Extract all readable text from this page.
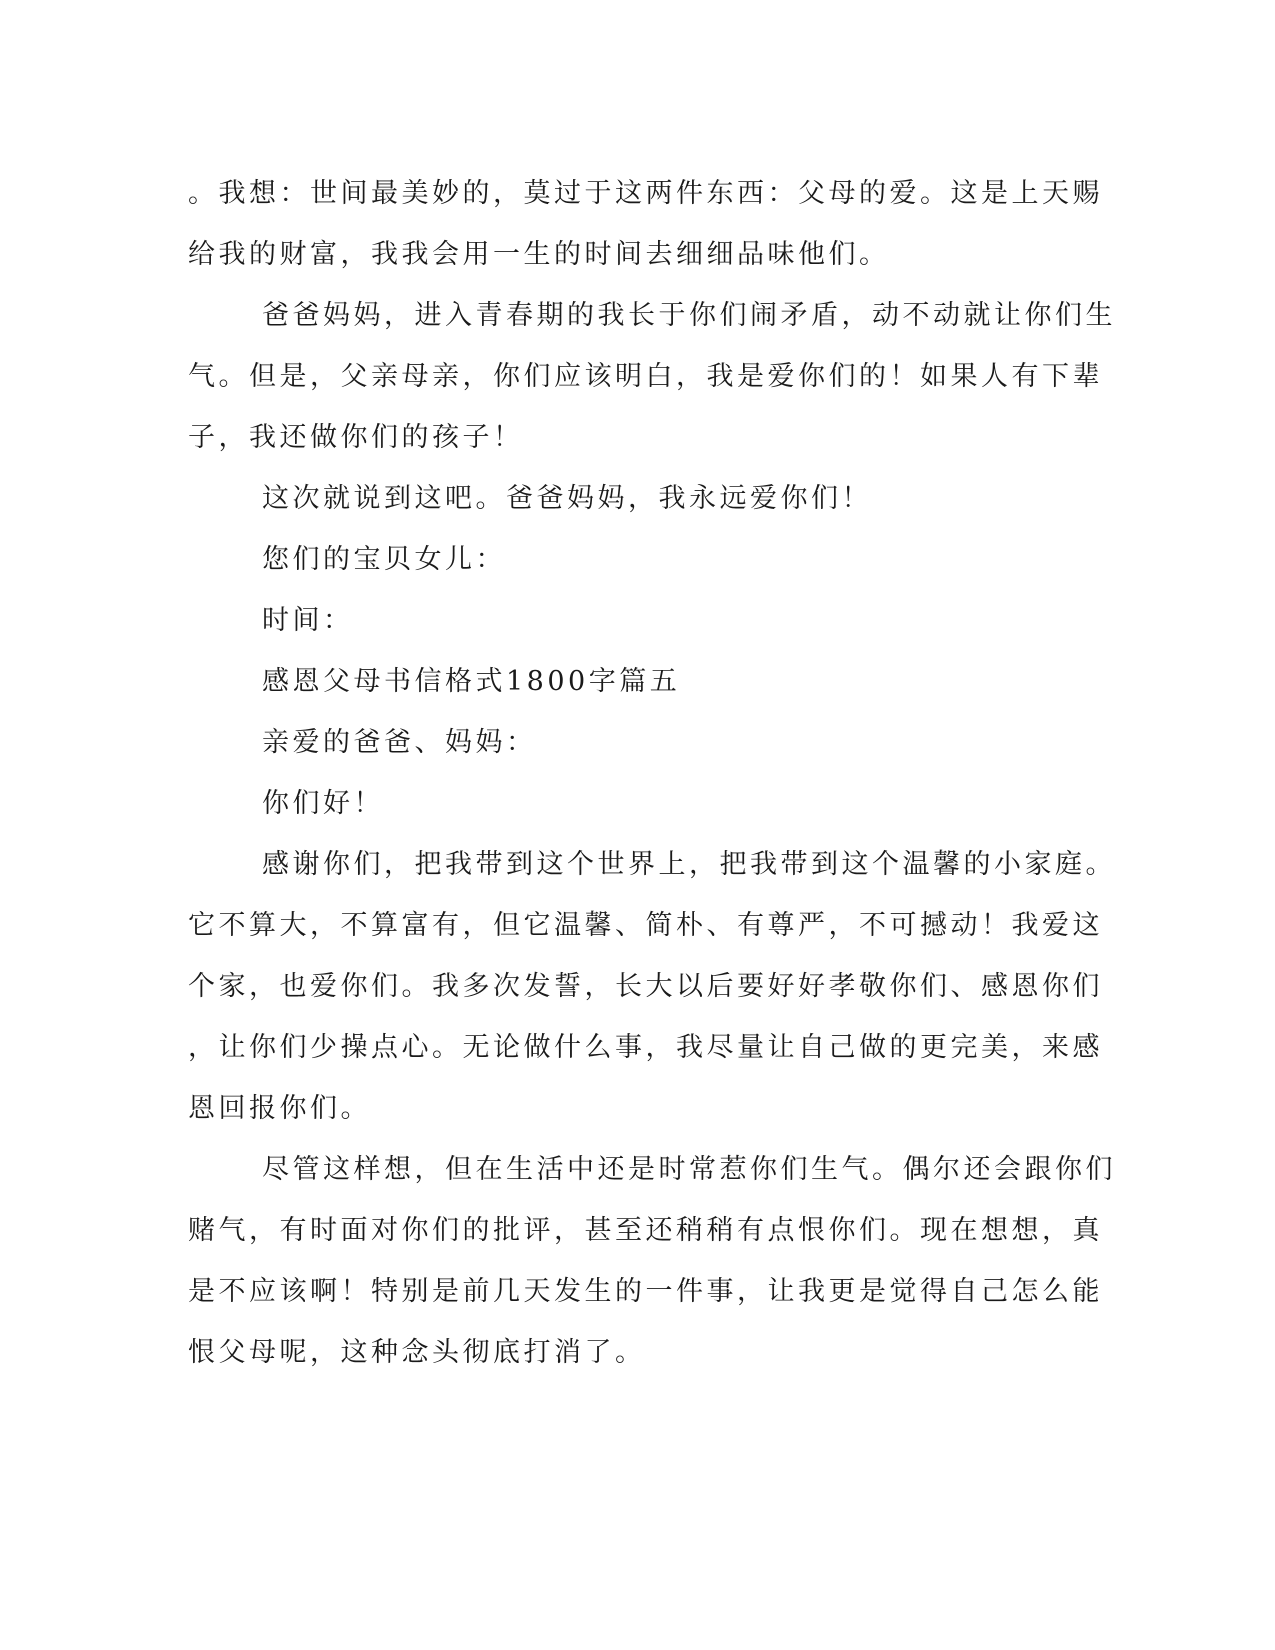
。我想：世间最美妙的，莫过于这两件东西：父母的爱。这是上天赐
给我的财富，我我会用一生的时间去细细品味他们。
爸爸妈妈，进入青春期的我长于你们闹矛盾，动不动就让你们生
气。但是，父亲母亲，你们应该明白，我是爱你们的！如果人有下辈
子，我还做你们的孩子！
这次就说到这吧。爸爸妈妈，我永远爱你们！
您们的宝贝女儿：
时间：
感恩父母书信格式1800字篇五
亲爱的爸爸、妈妈：
你们好！
感谢你们，把我带到这个世界上，把我带到这个温馨的小家庭。
它不算大，不算富有，但它温馨、简朴、有尊严，不可撼动！我爱这
个家，也爱你们。我多次发誓，长大以后要好好孝敬你们、感恩你们
，让你们少操点心。无论做什么事，我尽量让自己做的更完美，来感
恩回报你们。
尽管这样想，但在生活中还是时常惹你们生气。偶尔还会跟你们
赌气，有时面对你们的批评，甚至还稍稍有点恨你们。现在想想，真
是不应该啊！特别是前几天发生的一件事，让我更是觉得自己怎么能
恨父母呢，这种念头彻底打消了。
